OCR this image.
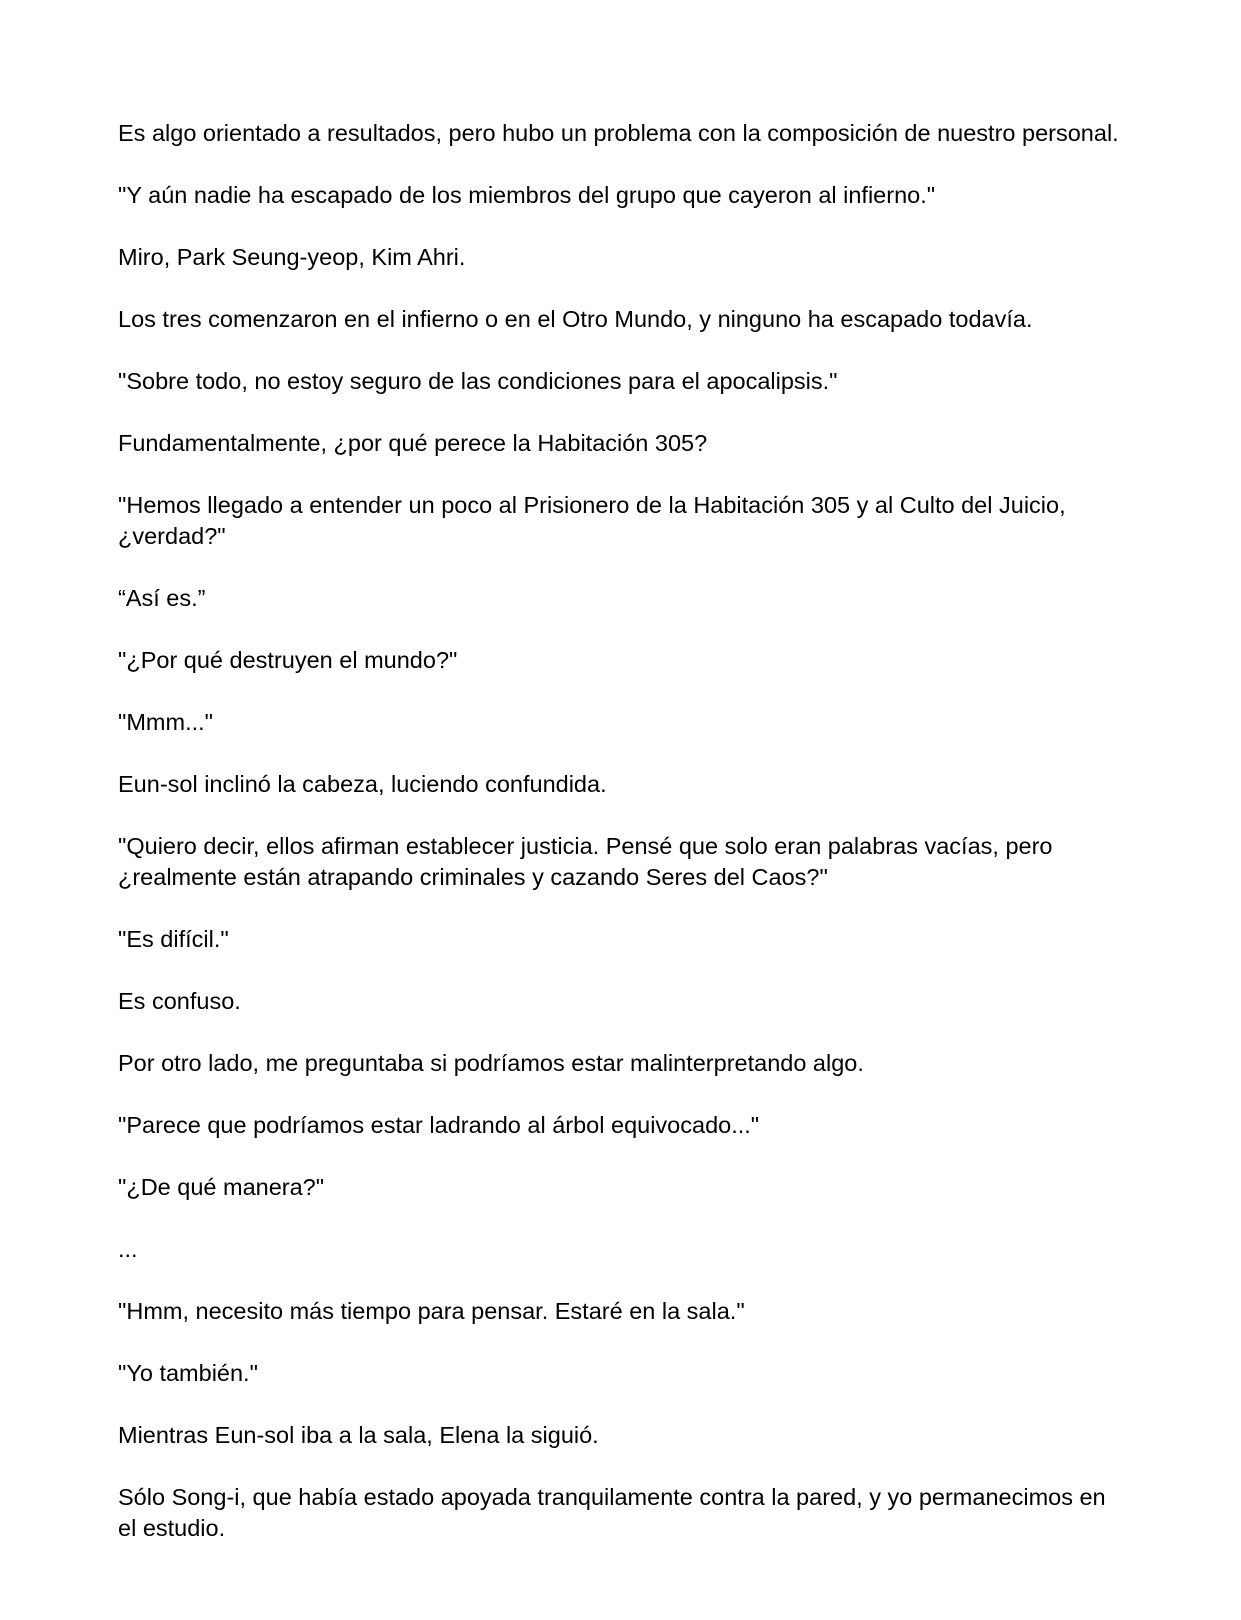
Es algo orientado a resultados, pero hubo un problema con la composición de nuestro personal.

"Y aún nadie ha escapado de los miembros del grupo que cayeron al infierno."

Miro, Park Seung-yeop, Kim Ahri.

Los tres comenzaron en el infierno o en el Otro Mundo, y ninguno ha escapado todavía.

"Sobre todo, no estoy seguro de las condiciones para el apocalipsis."

Fundamentalmente, ¿por qué perece la Habitación 305?

"Hemos llegado a entender un poco al Prisionero de la Habitación 305 y al Culto del Juicio, ¿verdad?"

“Así es.”

"¿Por qué destruyen el mundo?"

"Mmm..."

Eun-sol inclinó la cabeza, luciendo confundida.

"Quiero decir, ellos afirman establecer justicia. Pensé que solo eran palabras vacías, pero ¿realmente están atrapando criminales y cazando Seres del Caos?"

"Es difícil."

Es confuso.

Por otro lado, me preguntaba si podríamos estar malinterpretando algo.

"Parece que podríamos estar ladrando al árbol equivocado..."

"¿De qué manera?"

...

"Hmm, necesito más tiempo para pensar. Estaré en la sala."

"Yo también."

Mientras Eun-sol iba a la sala, Elena la siguió.

Sólo Song-i, que había estado apoyada tranquilamente contra la pared, y yo permanecimos en el estudio.
